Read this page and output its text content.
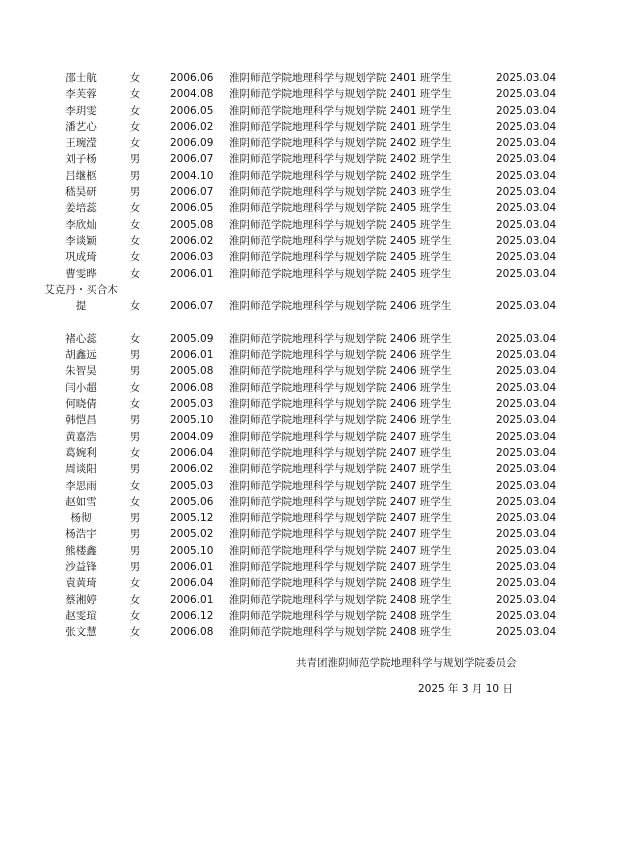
邵士航	女	2006.06 淮阴师范学院地理科学与规划学院 2401 班学生	2025.03.04
李芙蓉	女	2004.08 淮阴师范学院地理科学与规划学院 2401 班学生	2025.03.04
李玥雯	女	2006.05 淮阴师范学院地理科学与规划学院 2401 班学生	2025.03.04
潘艺心	女	2006.02 淮阴师范学院地理科学与规划学院 2401 班学生	2025.03.04
王琬滢	女	2006.09 淮阴师范学院地理科学与规划学院 2402 班学生	2025.03.04
刘子杨	男	2006.07 淮阴师范学院地理科学与规划学院 2402 班学生	2025.03.04
吕继柩	男	2004.10 淮阴师范学院地理科学与规划学院 2402 班学生	2025.03.04
嵇昊研	男	2006.07 淮阴师范学院地理科学与规划学院 2403 班学生	2025.03.04
姜培蕊	女	2006.05 淮阴师范学院地理科学与规划学院 2405 班学生	2025.03.04
李欣灿	女	2005.08 淮阴师范学院地理科学与规划学院 2405 班学生	2025.03.04
李谈颖	女	2006.02 淮阴师范学院地理科学与规划学院 2405 班学生	2025.03.04
巩成琦	女	2006.03 淮阴师范学院地理科学与规划学院 2405 班学生	2025.03.04
曹雯晔	女	2006.01 淮阴师范学院地理科学与规划学院 2405 班学生	2025.03.04
艾克丹・买合木提	女	2006.07 淮阴师范学院地理科学与规划学院 2406 班学生	2025.03.04
褚心蕊	女	2005.09 淮阴师范学院地理科学与规划学院 2406 班学生	2025.03.04
胡鑫远	男	2006.01 淮阴师范学院地理科学与规划学院 2406 班学生	2025.03.04
朱智昊	男	2005.08 淮阴师范学院地理科学与规划学院 2406 班学生	2025.03.04
闫小超	女	2006.08 淮阴师范学院地理科学与规划学院 2406 班学生	2025.03.04
何晓倩	女	2005.03 淮阴师范学院地理科学与规划学院 2406 班学生	2025.03.04
韩恺昌	男	2005.10 淮阴师范学院地理科学与规划学院 2406 班学生	2025.03.04
黄嘉浩	男	2004.09 淮阴师范学院地理科学与规划学院 2407 班学生	2025.03.04
葛婉利	女	2006.04 淮阴师范学院地理科学与规划学院 2407 班学生	2025.03.04
周谈阳	男	2006.02 淮阴师范学院地理科学与规划学院 2407 班学生	2025.03.04
李思雨	女	2005.03 淮阴师范学院地理科学与规划学院 2407 班学生	2025.03.04
赵如雪	女	2005.06 淮阴师范学院地理科学与规划学院 2407 班学生	2025.03.04
杨彻	男	2005.12 淮阴师范学院地理科学与规划学院 2407 班学生	2025.03.04
杨浩宇	男	2005.02 淮阴师范学院地理科学与规划学院 2407 班学生	2025.03.04
熊楼鑫	男	2005.10 淮阴师范学院地理科学与规划学院 2407 班学生	2025.03.04
沙益锋	男	2006.01 淮阴师范学院地理科学与规划学院 2407 班学生	2025.03.04
袁黄琦	女	2006.04 淮阴师范学院地理科学与规划学院 2408 班学生	2025.03.04
蔡湘婷	女	2006.01 淮阴师范学院地理科学与规划学院 2408 班学生	2025.03.04
赵雯瑄	女	2006.12 淮阴师范学院地理科学与规划学院 2408 班学生	2025.03.04
张文慧	女	2006.08 淮阴师范学院地理科学与规划学院 2408 班学生	2025.03.04
共青团淮阴师范学院地理科学与规划学院委员会
2025 年 3 月 10 日
